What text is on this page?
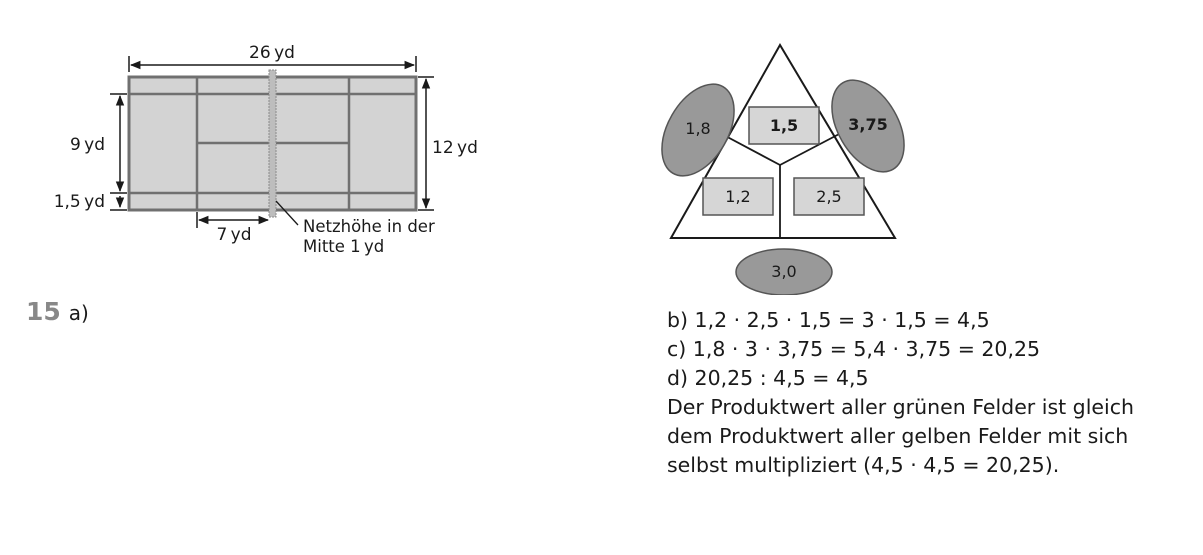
26 yd
12 yd
9 yd
1,5 yd
7 yd	Netzhöhe in der
Mitte 1 yd
15 a)
1,8	3,75
3,0
1,5
1,2	2,5
b) 1,2 · 2,5 · 1,5 = 3 · 1,5 = 4,5
c) 1,8 · 3 · 3,75 = 5,4 · 3,75 = 20,25
d) 20,25 : 4,5 = 4,5
Der Produktwert aller grünen Felder ist gleich
dem Produktwert aller gelben Felder mit sich
selbst multipliziert (4,5 · 4,5 = 20,25).
